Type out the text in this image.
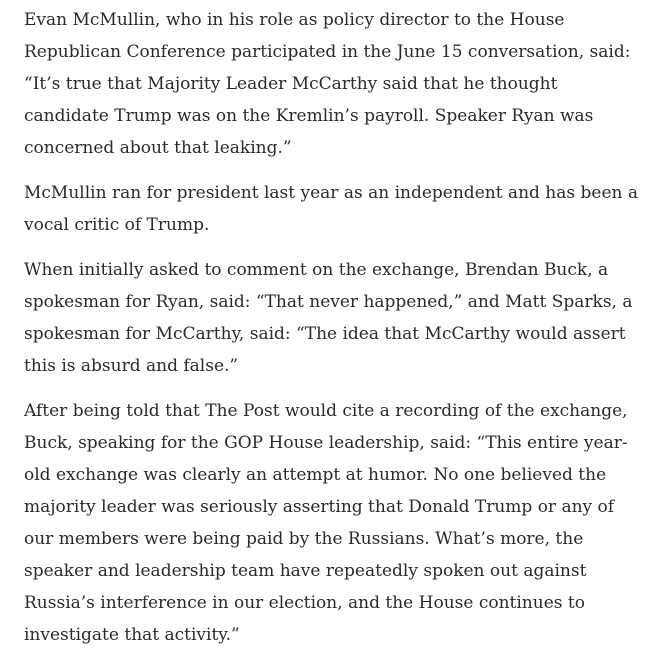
Evan McMullin, who in his role as policy director to the House Republican Conference participated in the June 15 conversation, said: “It’s true that Majority Leader McCarthy said that he thought candidate Trump was on the Kremlin’s payroll. Speaker Ryan was concerned about that leaking.”

McMullin ran for president last year as an independent and has been a vocal critic of Trump.

When initially asked to comment on the exchange, Brendan Buck, a spokesman for Ryan, said: “That never happened,” and Matt Sparks, a spokesman for McCarthy, said: “The idea that McCarthy would assert this is absurd and false.”

After being told that The Post would cite a recording of the exchange, Buck, speaking for the GOP House leadership, said: “This entire year-old exchange was clearly an attempt at humor. No one believed the majority leader was seriously asserting that Donald Trump or any of our members were being paid by the Russians. What’s more, the speaker and leadership team have repeatedly spoken out against Russia’s interference in our election, and the House continues to investigate that activity.”
